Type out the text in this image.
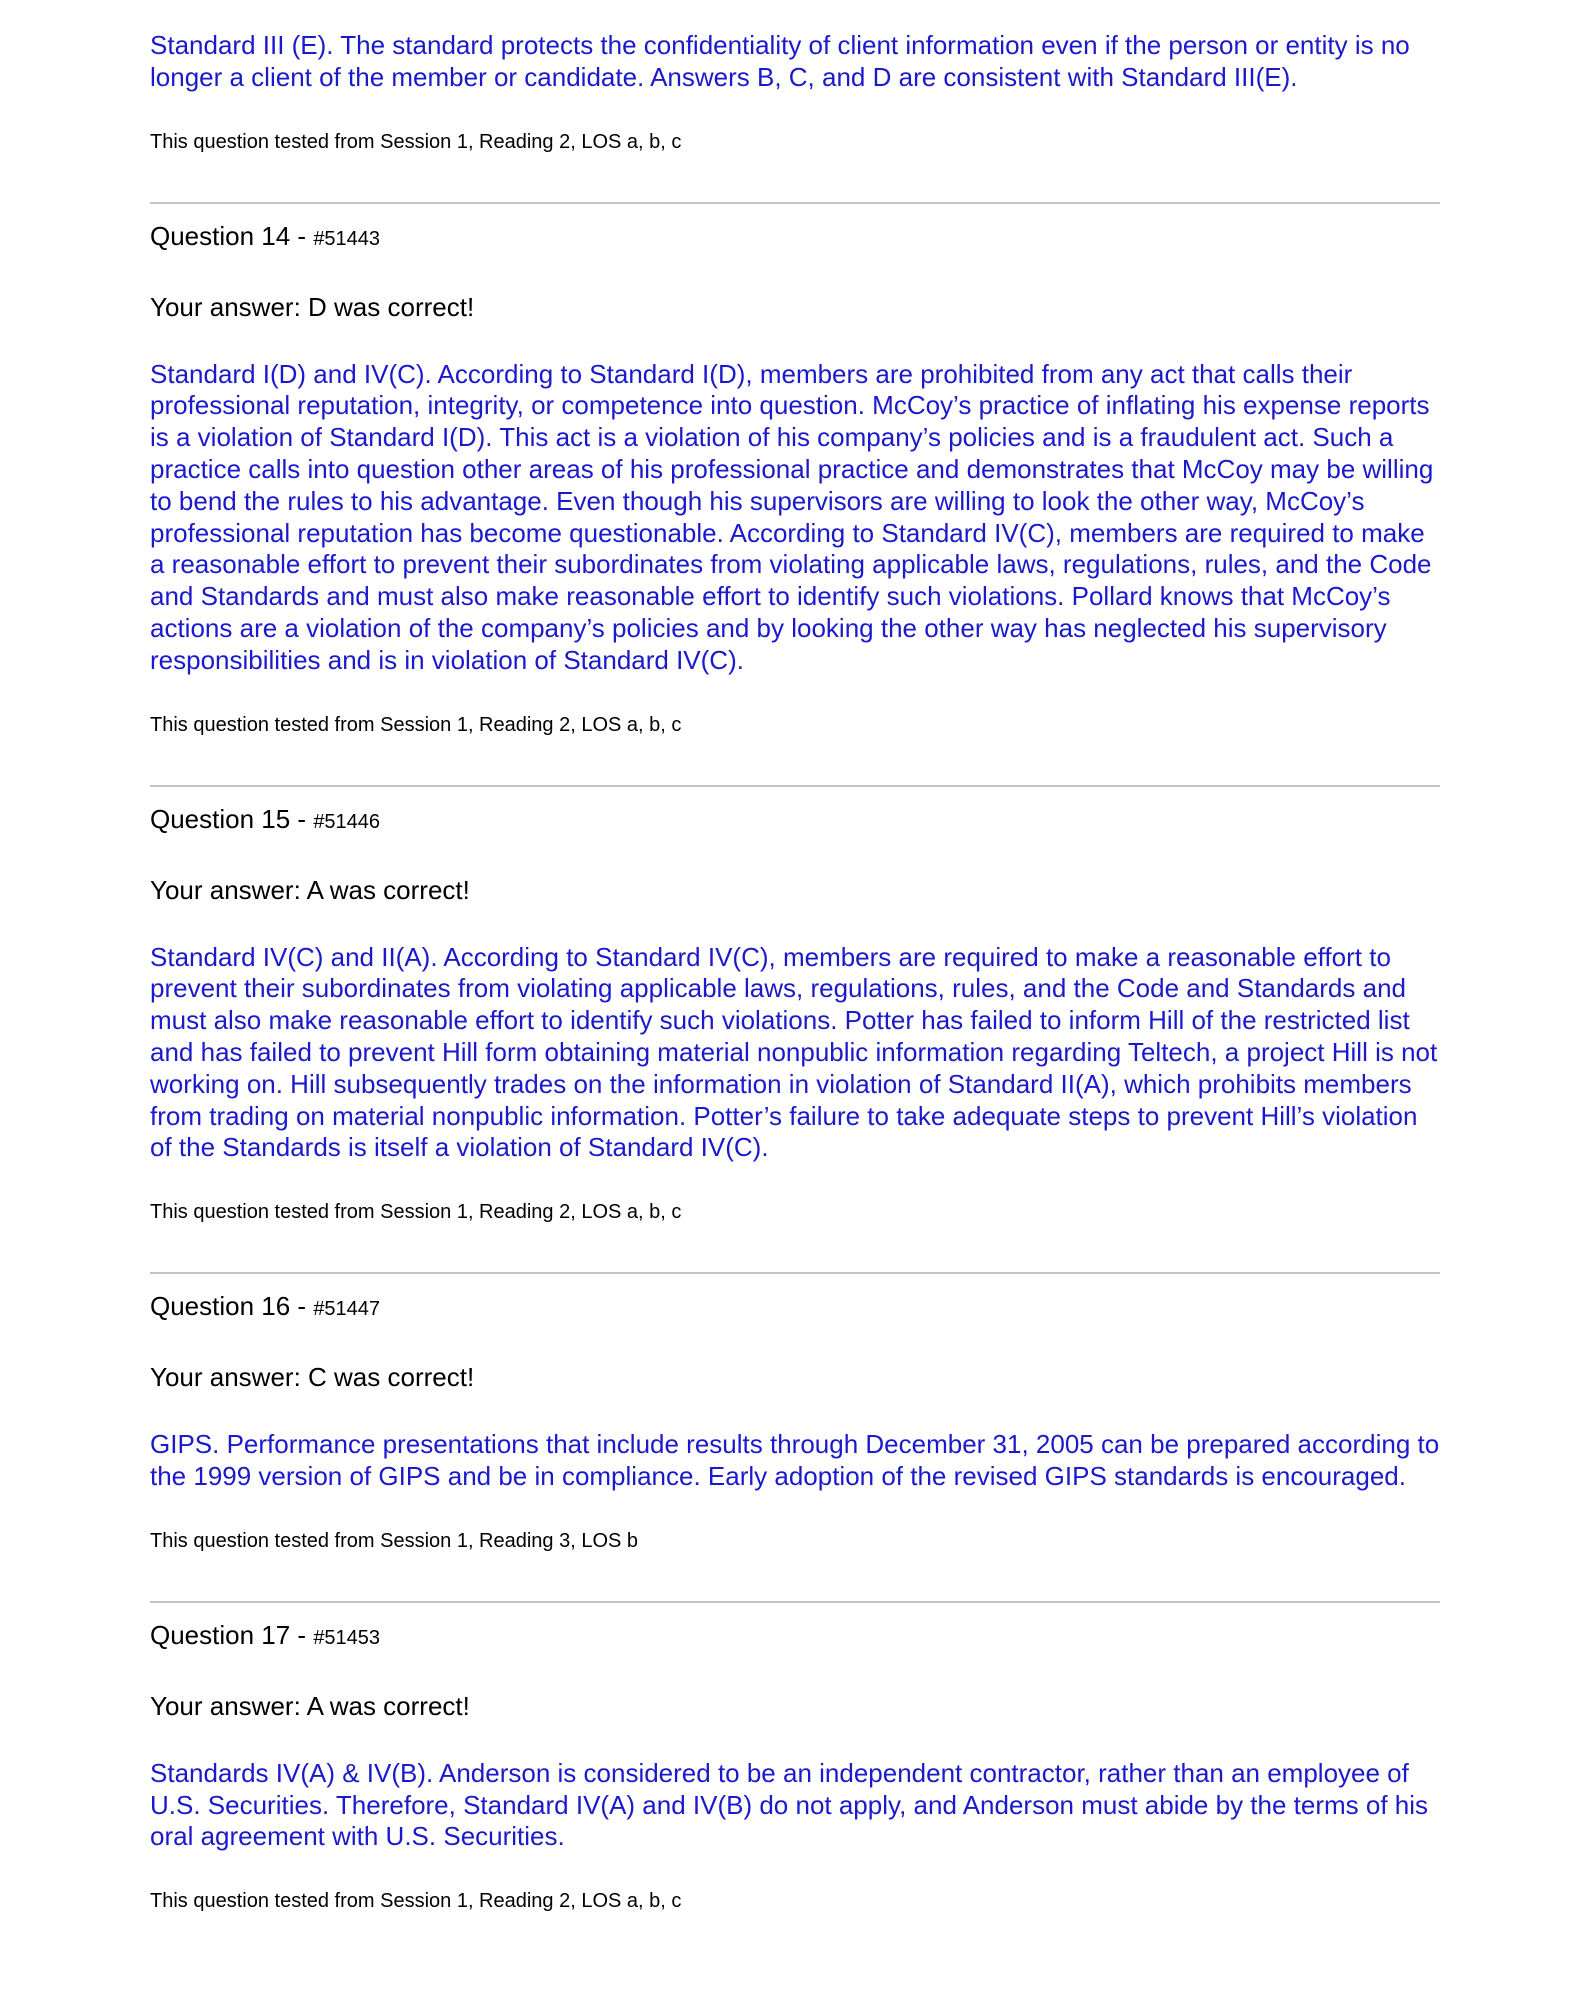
Standard III (E). The standard protects the confidentiality of client information even if the person or entity is no longer a client of the member or candidate. Answers B, C, and D are consistent with Standard III(E).

This question tested from Session 1, Reading 2, LOS a, b, c

Question 14 - #51443

Your answer: D was correct!

Standard I(D) and IV(C). According to Standard I(D), members are prohibited from any act that calls their professional reputation, integrity, or competence into question. McCoy’s practice of inflating his expense reports is a violation of Standard I(D). This act is a violation of his company’s policies and is a fraudulent act. Such a practice calls into question other areas of his professional practice and demonstrates that McCoy may be willing to bend the rules to his advantage. Even though his supervisors are willing to look the other way, McCoy’s professional reputation has become questionable. According to Standard IV(C), members are required to make a reasonable effort to prevent their subordinates from violating applicable laws, regulations, rules, and the Code and Standards and must also make reasonable effort to identify such violations. Pollard knows that McCoy’s actions are a violation of the company’s policies and by looking the other way has neglected his supervisory responsibilities and is in violation of Standard IV(C).

This question tested from Session 1, Reading 2, LOS a, b, c

Question 15 - #51446

Your answer: A was correct!

Standard IV(C) and II(A). According to Standard IV(C), members are required to make a reasonable effort to prevent their subordinates from violating applicable laws, regulations, rules, and the Code and Standards and must also make reasonable effort to identify such violations. Potter has failed to inform Hill of the restricted list and has failed to prevent Hill form obtaining material nonpublic information regarding Teltech, a project Hill is not working on. Hill subsequently trades on the information in violation of Standard II(A), which prohibits members from trading on material nonpublic information. Potter’s failure to take adequate steps to prevent Hill’s violation of the Standards is itself a violation of Standard IV(C).

This question tested from Session 1, Reading 2, LOS a, b, c

Question 16 - #51447

Your answer: C was correct!

GIPS. Performance presentations that include results through December 31, 2005 can be prepared according to the 1999 version of GIPS and be in compliance. Early adoption of the revised GIPS standards is encouraged.

This question tested from Session 1, Reading 3, LOS b

Question 17 - #51453

Your answer: A was correct!

Standards IV(A) & IV(B). Anderson is considered to be an independent contractor, rather than an employee of U.S. Securities. Therefore, Standard IV(A) and IV(B) do not apply, and Anderson must abide by the terms of his oral agreement with U.S. Securities.

This question tested from Session 1, Reading 2, LOS a, b, c
